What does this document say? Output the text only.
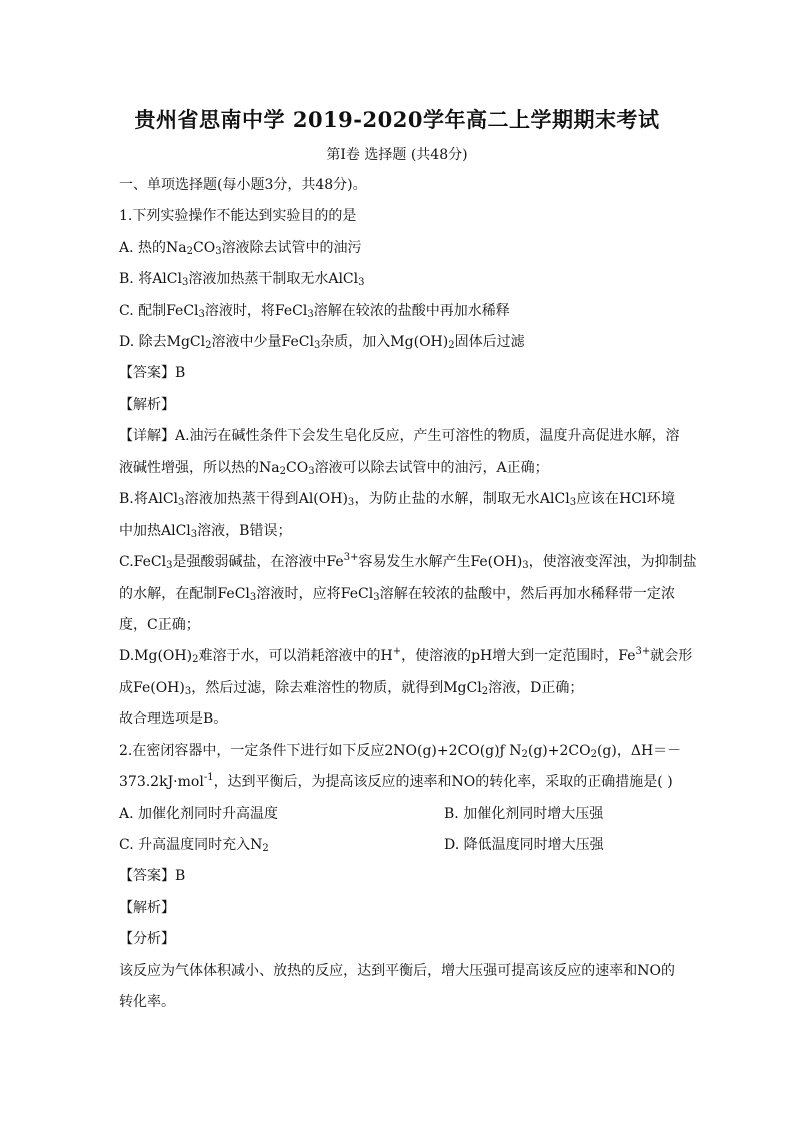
贵州省思南中学 2019-2020学年高二上学期期末考试
第Ⅰ卷 选择题 (共48分)
一、单项选择题(每小题3分，共48分)。
1.下列实验操作不能达到实验目的的是
A. 热的$Na_2CO_3$溶液除去试管中的油污
B. 将AlCl$_3$溶液加热蒸干制取无水AlCl$_3$
C. 配制FeCl$_3$溶液时，将FeCl$_3$溶解在较浓的盐酸中再加水稀释
D. 除去MgCl$_2$溶液中少量FeCl$_3$杂质，加入$Mg(OH)_2$固体后过滤
【答案】B
【解析】
【详解】A.油污在碱性条件下会发生皂化反应，产生可溶性的物质，温度升高促进水解，溶
液碱性增强，所以热的$Na_2CO_3$溶液可以除去试管中的油污，A正确；
B.将AlCl$_3$溶液加热蒸干得到$Al(OH)_3$，为防止盐的水解，制取无水AlCl$_3$应该在HCl环境
中加热AlCl$_3$溶液，B错误；
C.FeCl$_3$是强酸弱碱盐，在溶液中$Fe^{3+}$容易发生水解产生$Fe(OH)_3$，使溶液变浑浊，为抑制盐
的水解，在配制FeCl$_3$溶液时，应将FeCl$_3$溶解在较浓的盐酸中，然后再加水稀释带一定浓
度，C正确；
$D.Mg(OH)_2$难溶于水，可以消耗溶液中的H+，使溶液的pH增大到一定范围时，$Fe^{3+}$就会形
成$Fe(OH)_3$，然后过滤，除去难溶性的物质，就得到MgCl$_2$溶液，D正确；
故合理选项是B。
2.在密闭容器中，一定条件下进行如下反应2NO(g)+2CO(g)ƒ $N_2(g)+2CO_2(g)$，ΔH＝－
373.2kJ·mol$^{-1}$，达到平衡后，为提高该反应的速率和NO的转化率，采取的正确措施是( )
A. 加催化剂同时升高温度	B. 加催化剂同时增大压强
C. 升高温度同时充入$N_2$	D. 降低温度同时增大压强
【答案】B
【解析】
【分析】
该反应为气体体积减小、放热的反应，达到平衡后，增大压强可提高该反应的速率和NO的
转化率。
